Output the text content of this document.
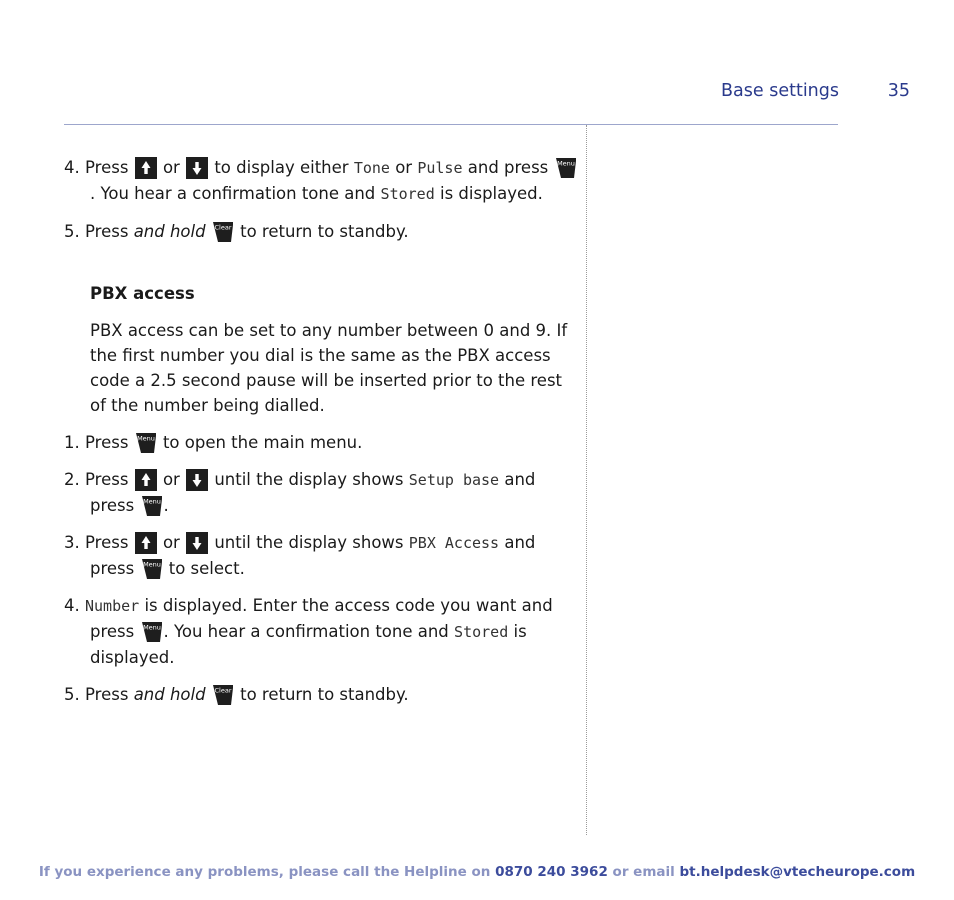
Base settings	35

4. Press or to display either Tone or Pulse and press Menu
. You hear a confirmation tone and Stored is displayed.

5. Press and hold Clear to return to standby.

PBX access

PBX access can be set to any number between 0 and 9. If the first number you dial is the same as the PBX access code a 2.5 second pause will be inserted prior to the rest of the number being dialled.

1. Press Menu to open the main menu.

2. Press or until the display shows Setup base and press Menu .

3. Press or until the display shows PBX Access and press Menu to select.

4. Number is displayed. Enter the access code you want and press Menu . You hear a confirmation tone and Stored is displayed.

5. Press and hold Clear to return to standby.

If you experience any problems, please call the Helpline on 0870 240 3962 or email bt.helpdesk@vtecheurope.com
